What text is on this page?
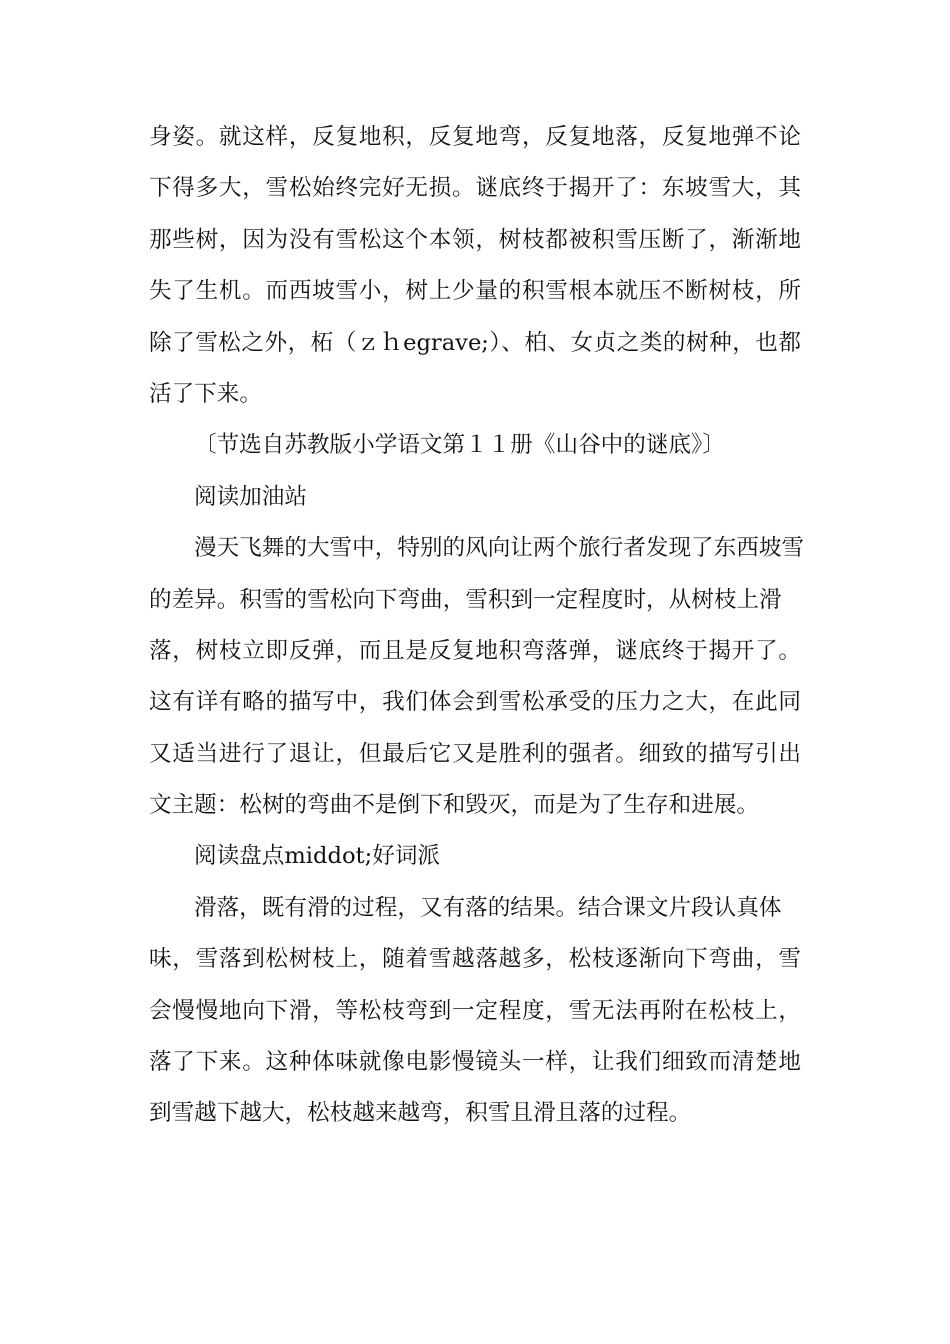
身姿。就这样，反复地积，反复地弯，反复地落，反复地弹不论
下得多大，雪松始终完好无损。谜底终于揭开了：东坡雪大，其
那些树，因为没有雪松这个本领，树枝都被积雪压断了，渐渐地
失了生机。而西坡雪小，树上少量的积雪根本就压不断树枝，所
除了雪松之外，柘（ｚｈegrave;）、柏、女贞之类的树种，也都
活了下来。
〔节选自苏教版小学语文第１１册《山谷中的谜底》〕
阅读加油站
漫天飞舞的大雪中，特别的风向让两个旅行者发现了东西坡雪
的差异。积雪的雪松向下弯曲，雪积到一定程度时，从树枝上滑
落，树枝立即反弹，而且是反复地积弯落弹，谜底终于揭开了。
这有详有略的描写中，我们体会到雪松承受的压力之大，在此同
又适当进行了退让，但最后它又是胜利的强者。细致的描写引出
文主题：松树的弯曲不是倒下和毁灭，而是为了生存和进展。
阅读盘点middot;好词派
滑落，既有滑的过程，又有落的结果。结合课文片段认真体
味，雪落到松树枝上，随着雪越落越多，松枝逐渐向下弯曲，雪
会慢慢地向下滑，等松枝弯到一定程度，雪无法再附在松枝上，
落了下来。这种体味就像电影慢镜头一样，让我们细致而清楚地
到雪越下越大，松枝越来越弯，积雪且滑且落的过程。
